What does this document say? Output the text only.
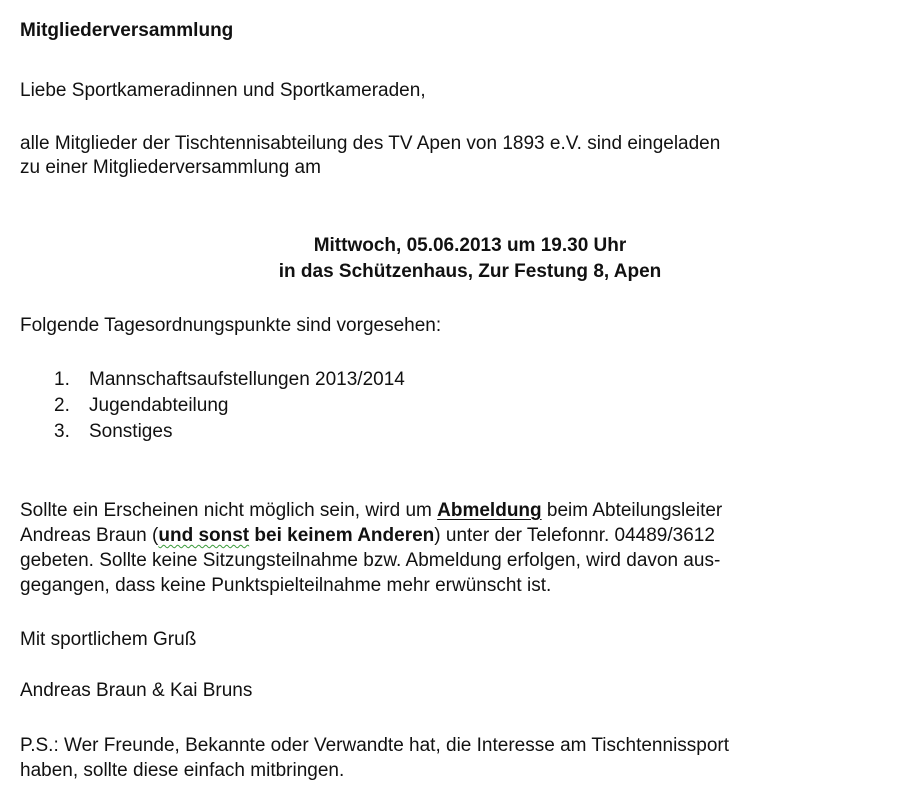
Mitgliederversammlung
Liebe Sportkameradinnen und Sportkameraden,
alle Mitglieder der Tischtennisabteilung des TV Apen von 1893 e.V. sind eingeladen
zu einer Mitgliederversammlung am
Mittwoch, 05.06.2013 um 19.30 Uhr
in das Schützenhaus, Zur Festung 8, Apen
Folgende Tagesordnungspunkte sind vorgesehen:
1.	Mannschaftsaufstellungen 2013/2014
2.	Jugendabteilung
3.	Sonstiges
Sollte ein Erscheinen nicht möglich sein, wird um Abmeldung beim Abteilungsleiter
Andreas Braun (und sonst bei keinem Anderen) unter der Telefonnr. 04489/3612
gebeten. Sollte keine Sitzungsteilnahme bzw. Abmeldung erfolgen, wird davon aus-
gegangen, dass keine Punktspielteilnahme mehr erwünscht ist.
Mit sportlichem Gruß
Andreas Braun & Kai Bruns
P.S.: Wer Freunde, Bekannte oder Verwandte hat, die Interesse am Tischtennissport
haben, sollte diese einfach mitbringen.
